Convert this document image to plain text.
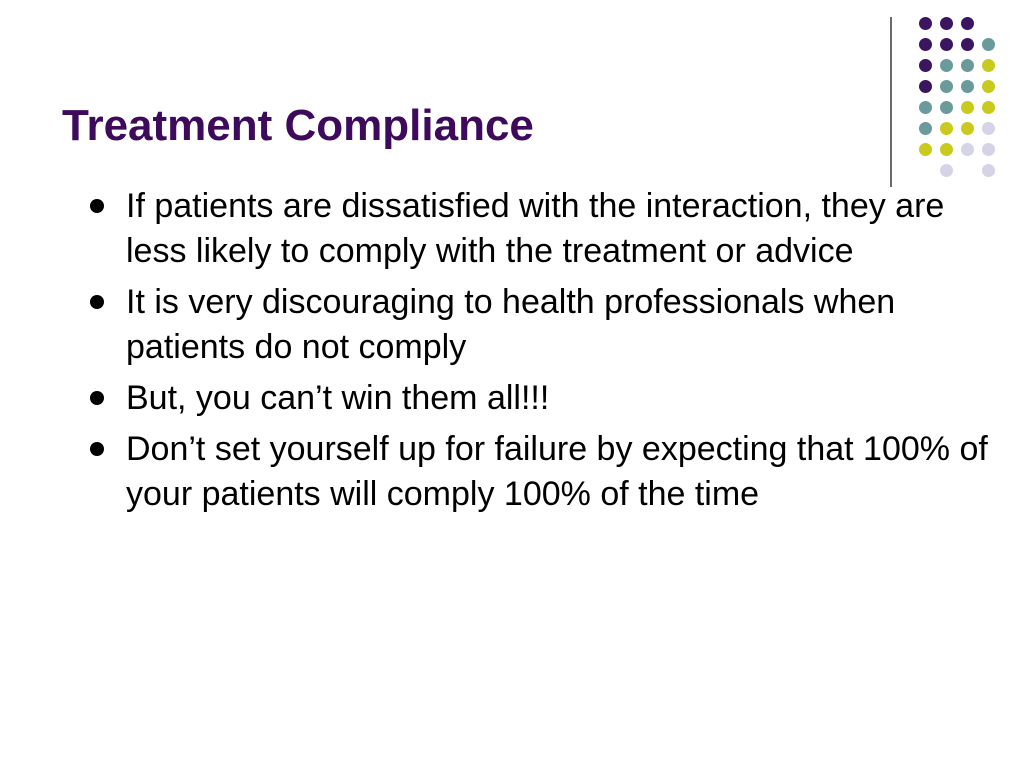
Treatment Compliance
If patients are dissatisfied with the interaction, they are less likely to comply with the treatment or advice
It is very discouraging to health professionals when patients do not comply
But, you can’t win them all!!!
Don’t set yourself up for failure by expecting that 100% of your patients will comply 100% of the time
